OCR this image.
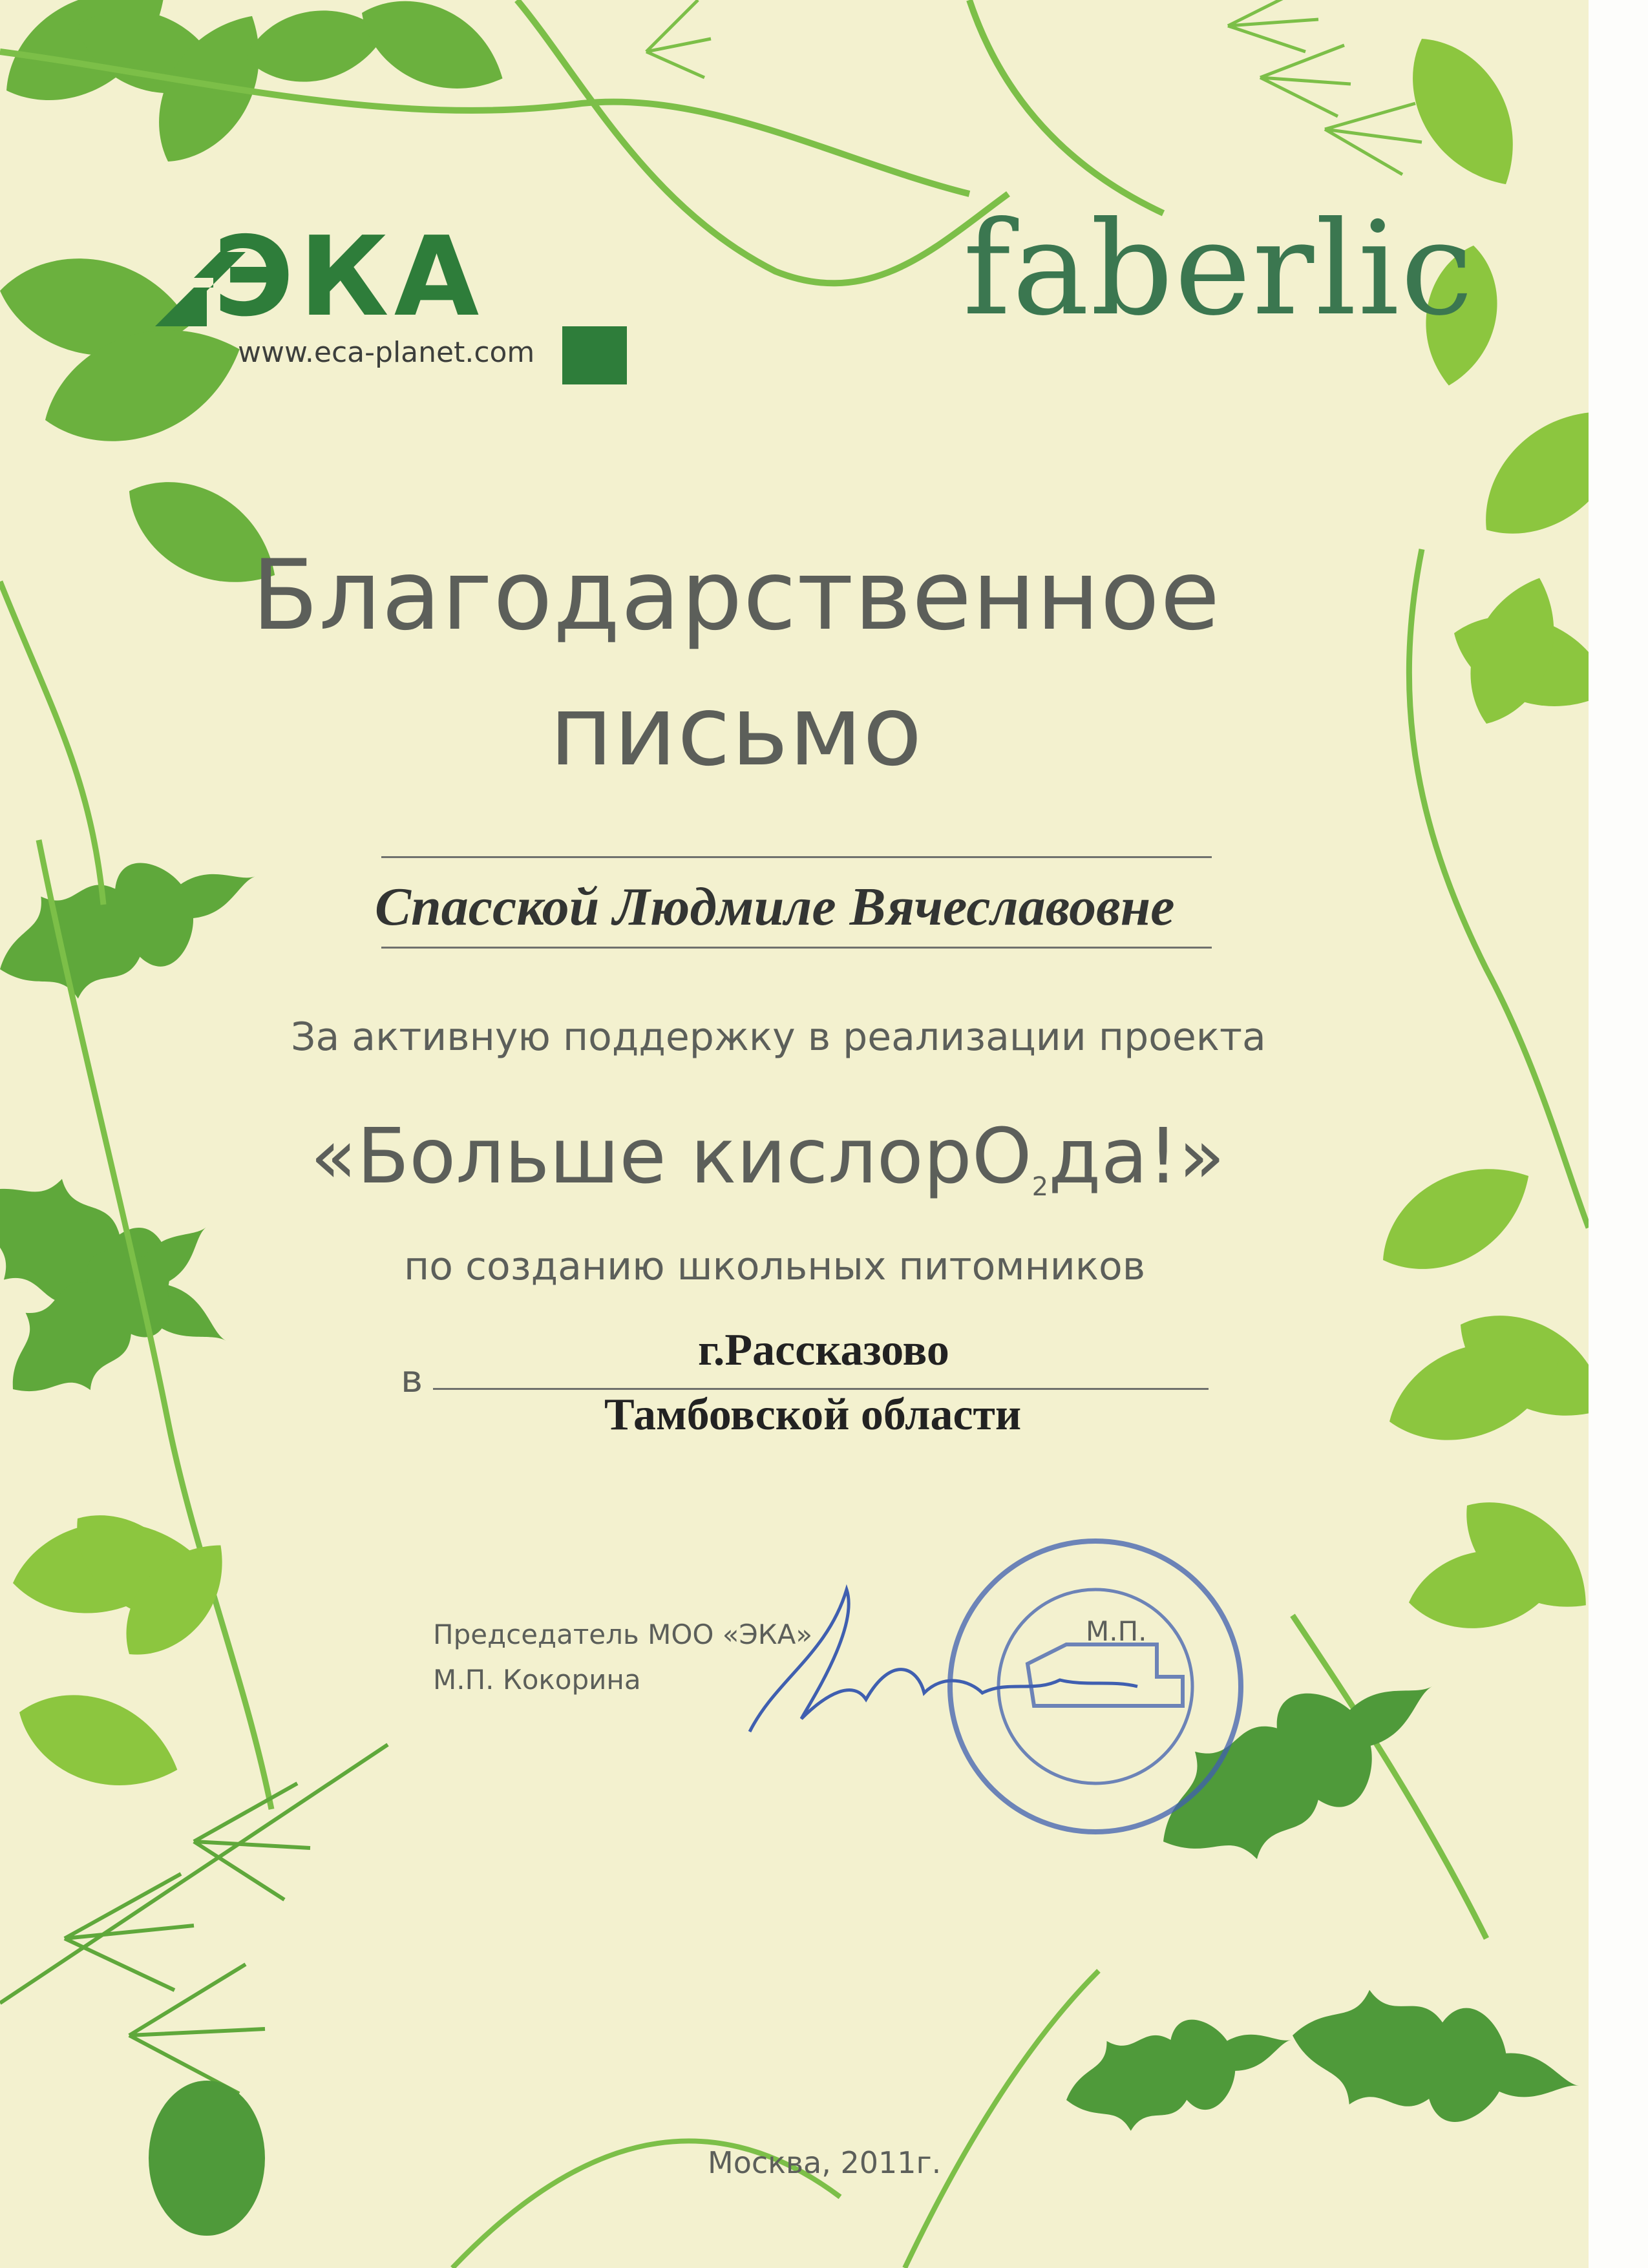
ЭКА
www.eca-planet.com
faberlic
Благодарственное
письмо
Спасской Людмиле Вячеславовне
За активную поддержку в реализации проекта
«Больше кислорO2да!»
по созданию школьных питомников
в
г.Рассказово
Тамбовской области
Председатель МОО «ЭКА»
М.П. Кокорина
М.П.
Москва, 2011г.
